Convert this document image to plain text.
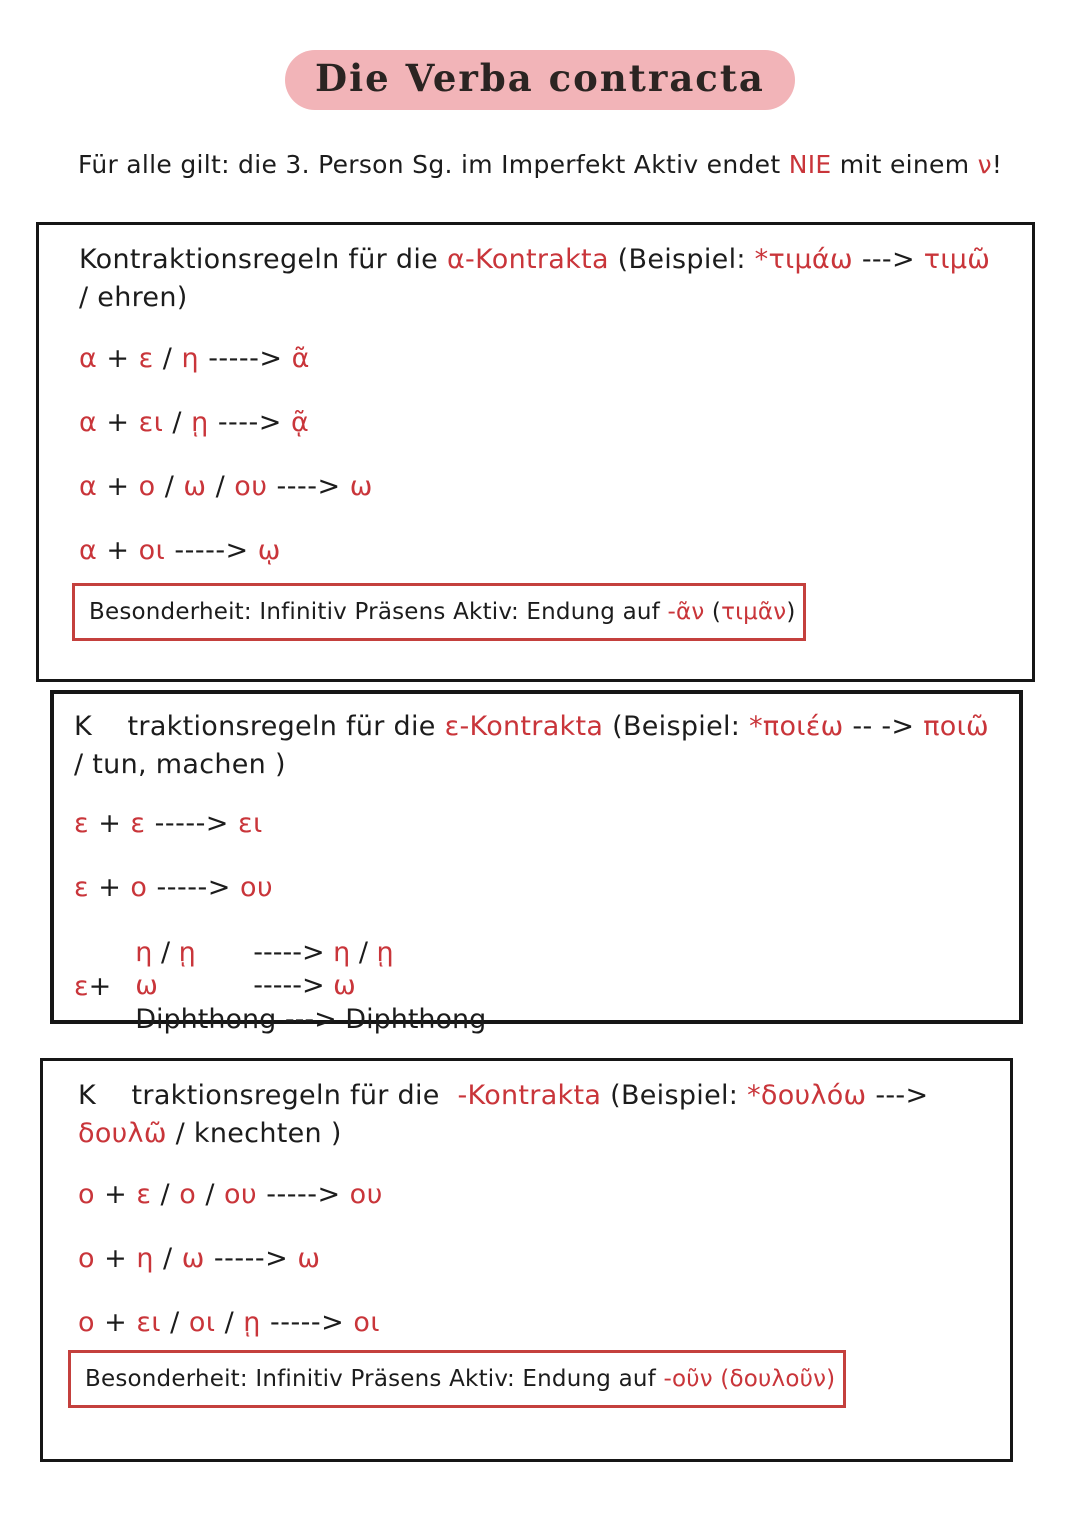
Die Verba contracta

Für alle gilt: die 3. Person Sg. im Imperfekt Aktiv endet NIE mit einem ν!

Kontraktionsregeln für die α-Kontrakta (Beispiel: *τιμάω ---> τιμῶ / ehren)
α + ε / η -----> ᾶ
α + ει / ῃ ----> ᾷ
α + ο / ω / ου ----> ω
α + οι -----> ῳ
Besonderheit: Infinitiv Präsens Aktiv: Endung auf -ᾶν (τιμᾶν)
K    traktionsregeln für die ε-Kontrakta (Beispiel: *ποιέω -- -> ποιῶ / tun, machen )
ε + ε -----> ει
ε + ο -----> ου
ε+
η / ῃ	-----> η / ῃ
ω	-----> ω
Diphthong ---> Diphthong
K    traktionsregeln für die  -Kontrakta (Beispiel: *δουλόω ---> δουλῶ / knechten )
ο + ε / ο / ου -----> ου
ο + η / ω -----> ω
ο + ει / οι / ῃ -----> οι
Besonderheit: Infinitiv Präsens Aktiv: Endung auf -οῦν (δουλοῦν)
